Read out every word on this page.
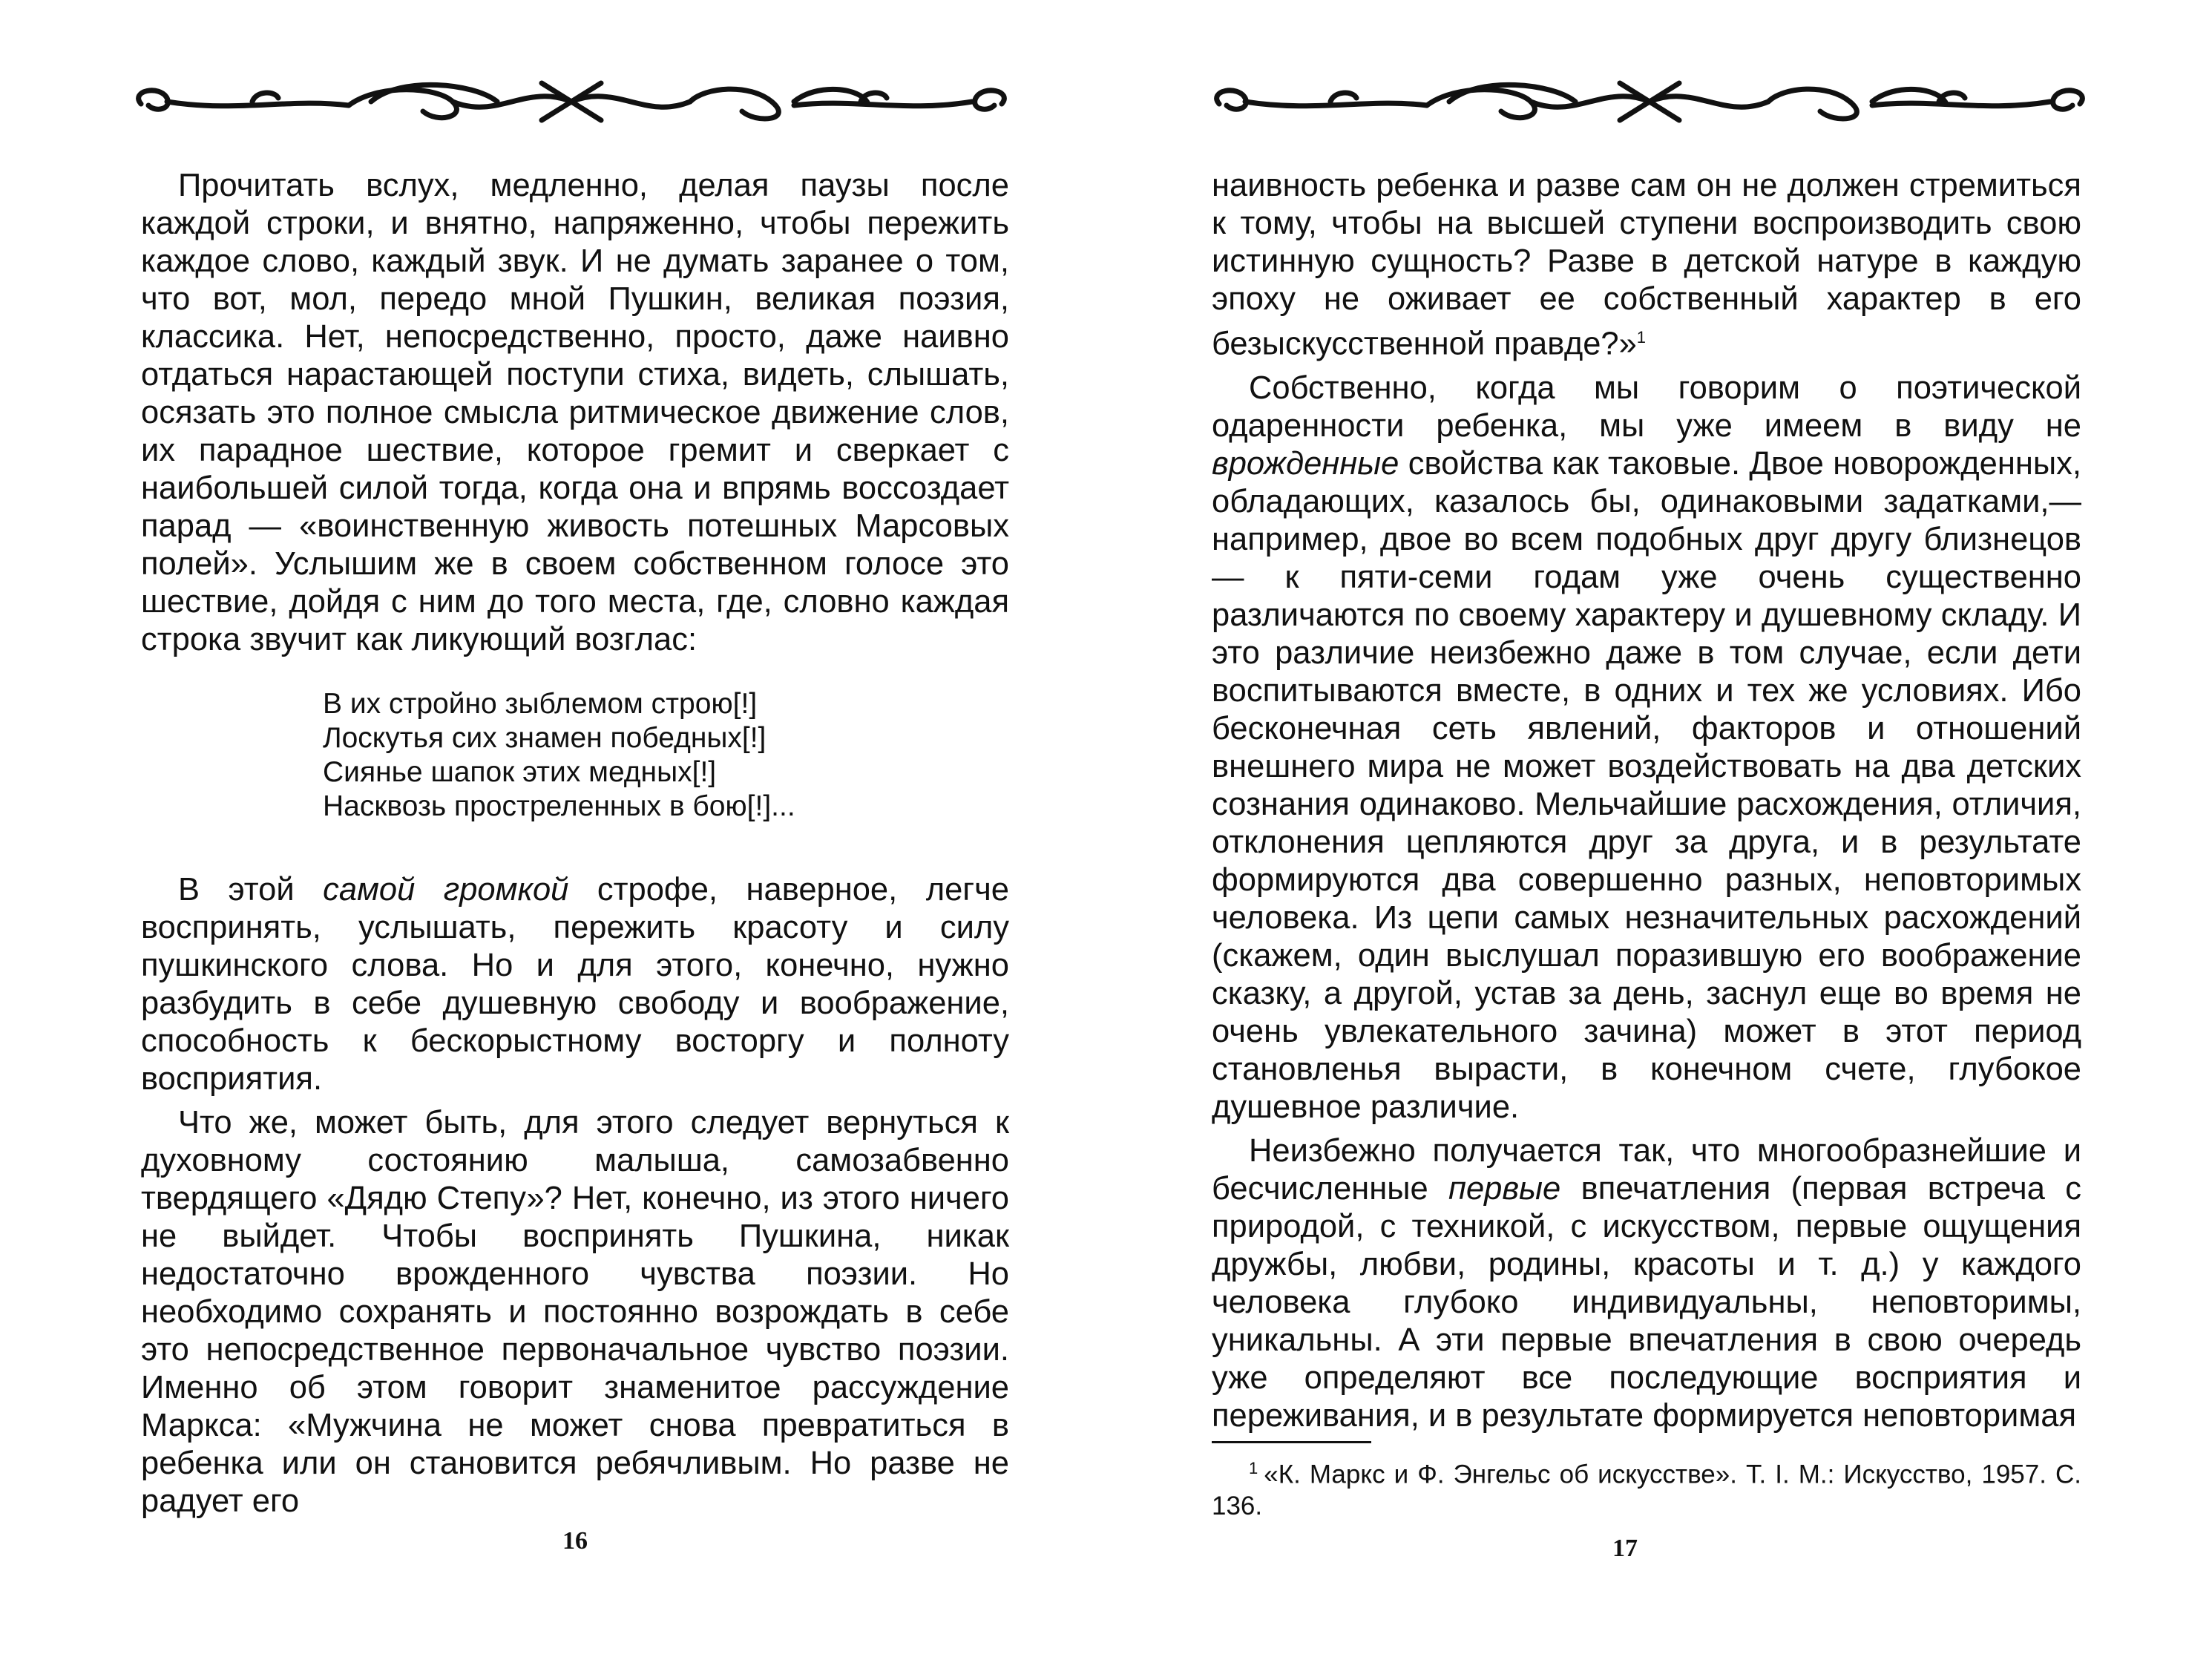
Прочитать вслух, медленно, делая паузы после каждой строки, и внятно, напряженно, чтобы пережить каждое слово, каждый звук. И не думать заранее о том, что вот, мол, передо мной Пушкин, великая поэзия, классика. Нет, непосредственно, просто, даже наивно отдаться нарастающей поступи стиха, видеть, слышать, осязать это полное смысла ритмическое движение слов, их парадное шествие, которое гремит и сверкает с наибольшей силой тогда, когда она и впрямь воссоздает парад — «воинственную живость потешных Марсовых полей». Услышим же в своем собственном голосе это шествие, дойдя с ним до того места, где, словно каждая строка звучит как ликующий возглас:

В их стройно зыблемом строю[!]
Лоскутья сих знамен победных[!]
Сиянье шапок этих медных[!]
Насквозь простреленных в бою[!]...

В этой самой громкой строфе, наверное, легче воспринять, услышать, пережить красоту и силу пушкинского слова. Но и для этого, конечно, нужно разбудить в себе душевную свободу и воображение, способность к бескорыстному восторгу и полноту восприятия.

Что же, может быть, для этого следует вернуться к духовному состоянию малыша, самозабвенно твердящего «Дядю Степу»? Нет, конечно, из этого ничего не выйдет. Чтобы воспринять Пушкина, никак недостаточно врожденного чувства поэзии. Но необходимо сохранять и постоянно возрождать в себе это непосредственное первоначальное чувство поэзии. Именно об этом говорит знаменитое рассуждение Маркса: «Мужчина не может снова превратиться в ребенка или он становится ребячливым. Но разве не радует его

16

наивность ребенка и разве сам он не должен стремиться к тому, чтобы на высшей ступени воспроизводить свою истинную сущность? Разве в детской натуре в каждую эпоху не оживает ее собственный характер в его безыскусственной правде?»$^1$

Собственно, когда мы говорим о поэтической одаренности ребенка, мы уже имеем в виду не врожденные свойства как таковые. Двое новорожденных, обладающих, казалось бы, одинаковыми задатками,— например, двое во всем подобных друг другу близнецов — к пяти-семи годам уже очень существенно различаются по своему характеру и душевному складу. И это различие неизбежно даже в том случае, если дети воспитываются вместе, в одних и тех же условиях. Ибо бесконечная сеть явлений, факторов и отношений внешнего мира не может воздействовать на два детских сознания одинаково. Мельчайшие расхождения, отличия, отклонения цепляются друг за друга, и в результате формируются два совершенно разных, неповторимых человека. Из цепи самых незначительных расхождений (скажем, один выслушал поразившую его воображение сказку, а другой, устав за день, заснул еще во время не очень увлекательного зачина) может в этот период становленья вырасти, в конечном счете, глубокое душевное различие.

Неизбежно получается так, что многообразнейшие и бесчисленные первые впечатления (первая встреча с природой, с техникой, с искусством, первые ощущения дружбы, любви, родины, красоты и т. д.) у каждого человека глубоко индивидуальны, неповторимы, уникальны. А эти первые впечатления в свою очередь уже определяют все последующие восприятия и переживания, и в результате формируется неповторимая

$^1$ «К. Маркс и Ф. Энгельс об искусстве». Т. I. М.: Искусство, 1957. С. 136.
17
